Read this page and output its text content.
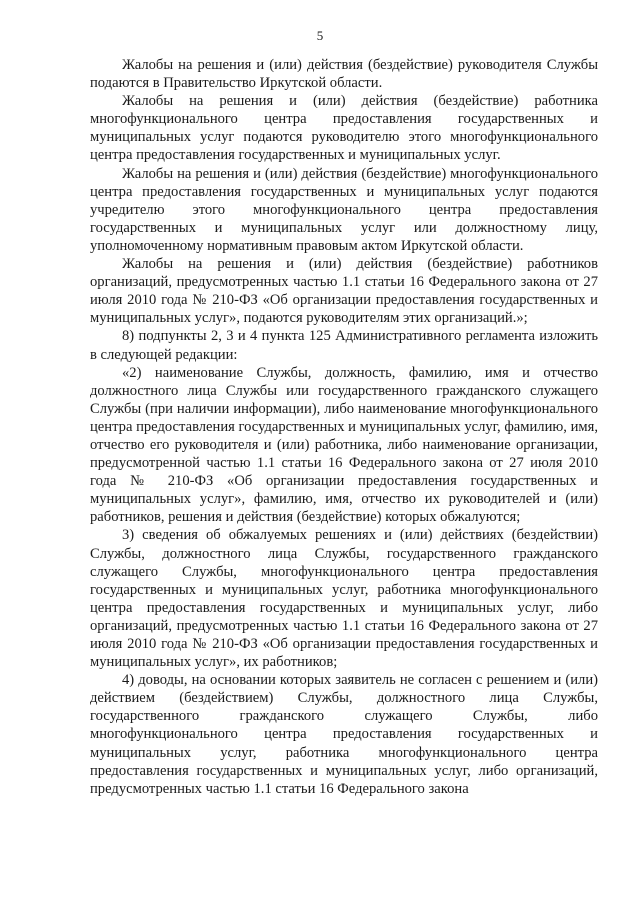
5

Жалобы на решения и (или) действия (бездействие) руководителя Службы подаются в Правительство Иркутской области.

Жалобы на решения и (или) действия (бездействие) работника многофункционального центра предоставления государственных и муниципальных услуг подаются руководителю этого многофункционального центра предоставления государственных и муниципальных услуг.

Жалобы на решения и (или) действия (бездействие) многофункционального центра предоставления государственных и муниципальных услуг подаются учредителю этого многофункционального центра предоставления государственных и муниципальных услуг или должностному лицу, уполномоченному нормативным правовым актом Иркутской области.

Жалобы на решения и (или) действия (бездействие) работников организаций, предусмотренных частью 1.1 статьи 16 Федерального закона от 27 июля 2010 года № 210-ФЗ «Об организации предоставления государственных и муниципальных услуг», подаются руководителям этих организаций.»;

8) подпункты 2, 3 и 4 пункта 125 Административного регламента изложить в следующей редакции:

«2) наименование Службы, должность, фамилию, имя и отчество должностного лица Службы или государственного гражданского служащего Службы (при наличии информации), либо наименование многофункционального центра предоставления государственных и муниципальных услуг, фамилию, имя, отчество его руководителя и (или) работника, либо наименование организации, предусмотренной частью 1.1 статьи 16 Федерального закона от 27 июля 2010 года № 210-ФЗ «Об организации предоставления государственных и муниципальных услуг», фамилию, имя, отчество их руководителей и (или) работников, решения и действия (бездействие) которых обжалуются;

3) сведения об обжалуемых решениях и (или) действиях (бездействии) Службы, должностного лица Службы, государственного гражданского служащего Службы, многофункционального центра предоставления государственных и муниципальных услуг, работника многофункционального центра предоставления государственных и муниципальных услуг, либо организаций, предусмотренных частью 1.1 статьи 16 Федерального закона от 27 июля 2010 года № 210-ФЗ «Об организации предоставления государственных и муниципальных услуг», их работников;

4) доводы, на основании которых заявитель не согласен с решением и (или) действием (бездействием) Службы, должностного лица Службы, государственного гражданского служащего Службы, либо многофункционального центра предоставления государственных и муниципальных услуг, работника многофункционального центра предоставления государственных и муниципальных услуг, либо организаций, предусмотренных частью 1.1 статьи 16 Федерального закона
